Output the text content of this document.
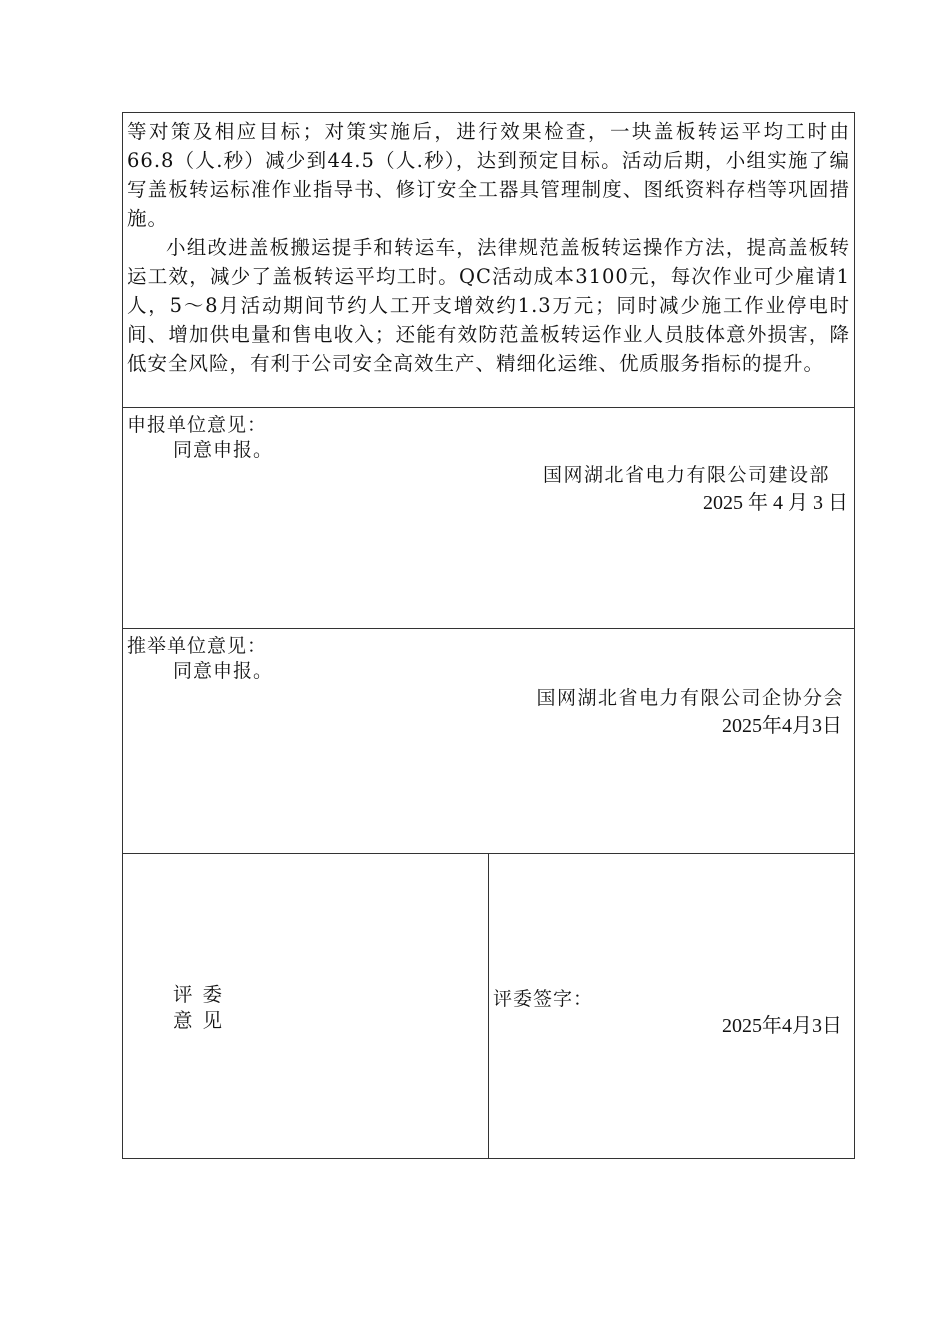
等对策及相应目标；对策实施后，进行效果检查，一块盖板转运平均工时由66.8（人.秒）减少到44.5（人.秒），达到预定目标。活动后期，小组实施了编写盖板转运标准作业指导书、修订安全工器具管理制度、图纸资料存档等巩固措施。

小组改进盖板搬运提手和转运车，法律规范盖板转运操作方法，提高盖板转运工效，减少了盖板转运平均工时。QC活动成本3100元，每次作业可少雇请1人，5～8月活动期间节约人工开支增效约1.3万元；同时减少施工作业停电时间、增加供电量和售电收入；还能有效防范盖板转运作业人员肢体意外损害，降低安全风险，有利于公司安全高效生产、精细化运维、优质服务指标的提升。

申报单位意见：
同意申报。
国网湖北省电力有限公司建设部
2025 年 4 月 3 日

推举单位意见：
同意申报。
国网湖北省电力有限公司企协分会
2025年4月3日

评委
意见

评委签字：
2025年4月3日
